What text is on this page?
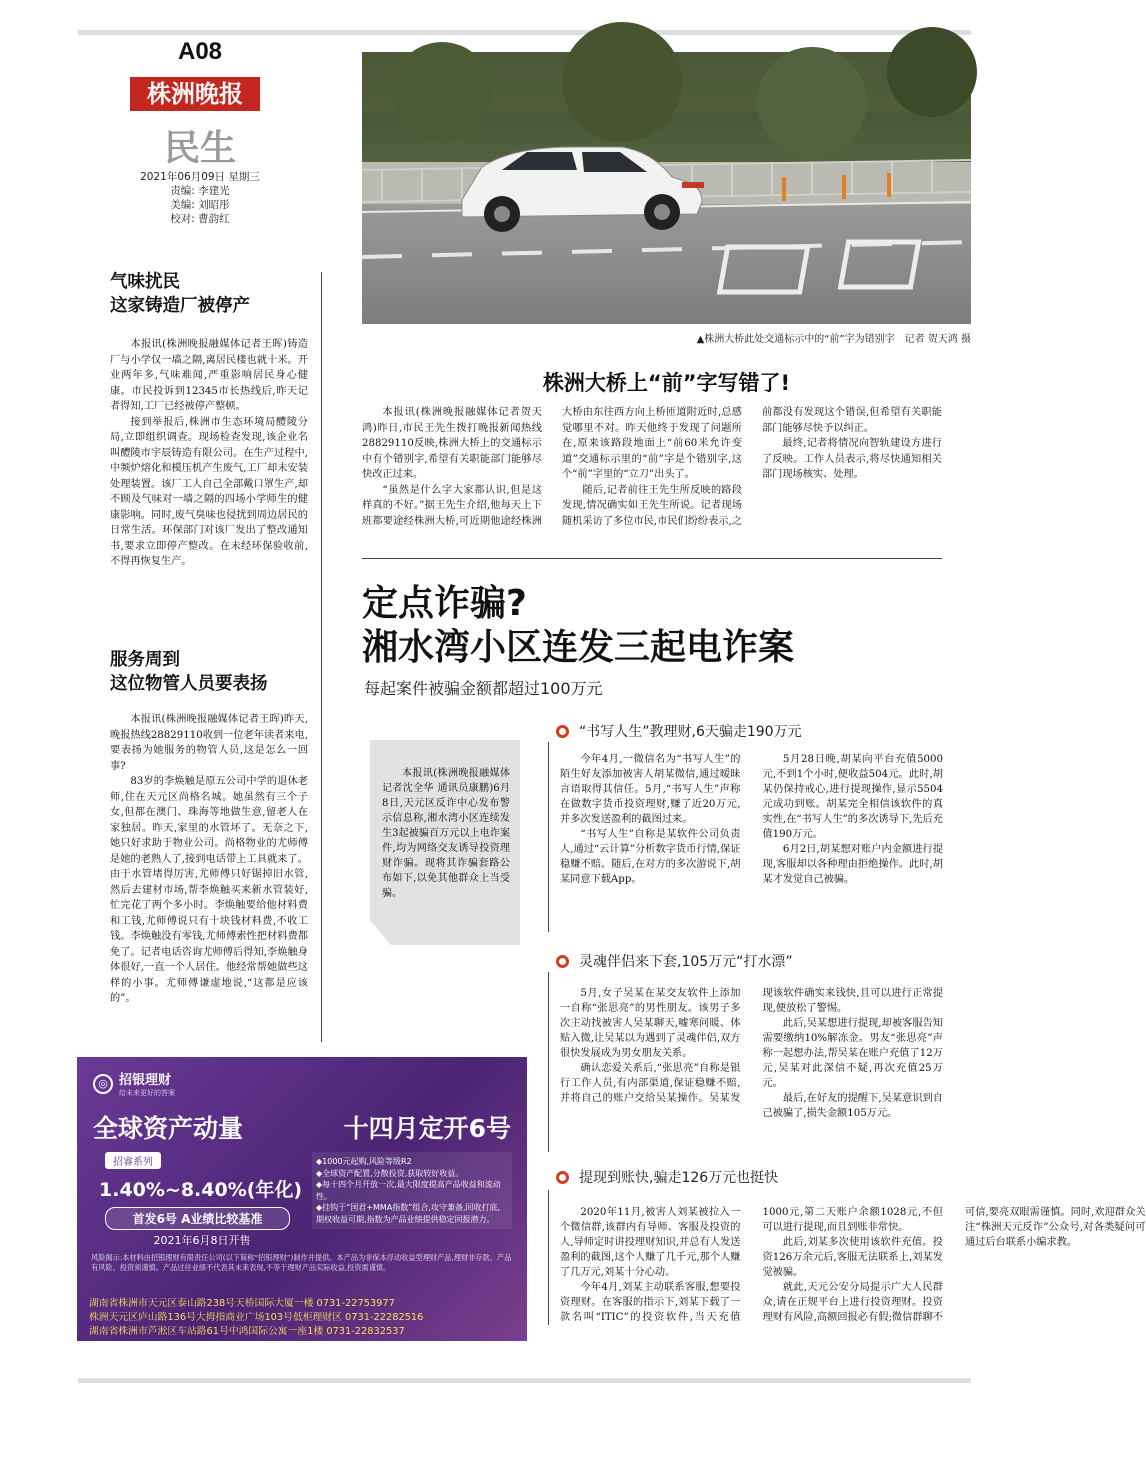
A08
株洲晚报
民生
2021年06月09日 星期三
责编: 李建光
美编: 刘昭彤
校对: 曹韵红
▲株洲大桥此处交通标示中的“前”字为错别字　记者 贺天鸿 摄
气味扰民
这家铸造厂被停产

本报讯(株洲晚报融媒体记者王晖)铸造厂与小学仅一墙之隔,离居民楼也就十米。开业两年多,气味难闻,严重影响居民身心健康。市民投诉到12345市长热线后,昨天记者得知,工厂已经被停产整顿。

接到举报后,株洲市生态环境局醴陵分局,立即组织调查。现场检查发现,该企业名叫醴陵市宇辰铸造有限公司。在生产过程中,中频炉熔化和模压机产生废气,工厂却未安装处理装置。该厂工人自己全部戴口罩生产,却不顾及气味对一墙之隔的四场小学师生的健康影响。同时,废气臭味也侵扰到周边居民的日常生活。环保部门对该厂发出了整改通知书,要求立即停产整改。在未经环保验收前,不得再恢复生产。

服务周到
这位物管人员要表扬

本报讯(株洲晚报融媒体记者王晖)昨天,晚报热线28829110收到一位老年读者来电,要表扬为她服务的物管人员,这是怎么一回事?

83岁的李焕触是原五公司中学的退休老师,住在天元区尚格名城。她虽然有三个子女,但都在澳门、珠海等地做生意,留老人在家独居。昨天,家里的水管坏了。无奈之下,她只好求助于物业公司。尚格物业的尤师傅是她的老熟人了,接到电话带上工具就来了。由于水管堵得厉害,尤师傅只好锯掉旧水管,然后去建材市场,帮李焕触买来新水管装好,忙完花了两个多小时。李焕触要给他材料费和工钱,尤师傅说只有十块钱材料费,不收工钱。李焕触没有零钱,尤师傅索性把材料费都免了。记者电话咨询尤师傅后得知,李焕触身体很好,一直一个人居住。他经常帮她做些这样的小事。尤师傅谦虚地说,“这都是应该的”。

株洲大桥上“前”字写错了!

本报讯(株洲晚报融媒体记者贺天鸿)昨日,市民王先生拨打晚报新闻热线28829110反映,株洲大桥上的交通标示中有个错别字,希望有关职能部门能够尽快改正过来。

“虽然是什么字大家都认识,但是这样真的不好。”据王先生介绍,他每天上下班都要途经株洲大桥,可近期他途经株洲大桥由东往西方向上桥匝道附近时,总感觉哪里不对。昨天他终于发现了问题所在,原来该路段地面上“前60米允许变道”交通标示里的“前”字是个错别字,这个“前”字里的“立刀”出头了。

随后,记者前往王先生所反映的路段发现,情况确实如王先生所说。记者现场随机采访了多位市民,市民们纷纷表示,之前都没有发现这个错误,但希望有关职能部门能够尽快予以纠正。

最终,记者将情况向智轨建设方进行了反映。工作人员表示,将尽快通知相关部门现场核实、处理。

定点诈骗?
湘水湾小区连发三起电诈案
每起案件被骗金额都超过100万元

本报讯(株洲晚报融媒体记者沈全华 通讯员康鹏)6月8日,天元区反诈中心发布警示信息称,湘水湾小区连续发生3起被骗百万元以上电诈案件,均为网络交友诱导投资理财诈骗。现将其诈骗套路公布如下,以免其他群众上当受骗。

“书写人生”教理财,6天骗走190万元

今年4月,一微信名为“书写人生”的陌生好友添加被害人胡某微信,通过暧昧言语取得其信任。5月,“书写人生”声称在做数字货币投资理财,赚了近20万元,并多次发送盈利的截图过来。

“书写人生”自称是某软件公司负责人,通过“云计算”分析数字货币行情,保证稳赚不赔。随后,在对方的多次游说下,胡某同意下载App。

5月28日晚,胡某向平台充值5000元,不到1个小时,便收益504元。此时,胡某仍保持戒心,进行提现操作,显示5504元成功到账。胡某完全相信该软件的真实性,在“书写人生”的多次诱导下,先后充值190万元。

6月2日,胡某想对账户内金额进行提现,客服却以各种理由拒绝操作。此时,胡某才发觉自己被骗。

灵魂伴侣来下套,105万元“打水漂”

5月,女子吴某在某交友软件上添加一自称“张思亮”的男性朋友。该男子多次主动找被害人吴某聊天,嘘寒问暖、体贴入微,让吴某以为遇到了灵魂伴侣,双方很快发展成为男女朋友关系。

确认恋爱关系后,“张思亮”自称是银行工作人员,有内部渠道,保证稳赚不赔,并将自己的账户交给吴某操作。吴某发现该软件确实来钱快,且可以进行正常提现,便放松了警惕。

此后,吴某想进行提现,却被客服告知需要缴纳10%解冻金。男友“张思亮”声称一起想办法,帮吴某在账户充值了12万元,吴某对此深信不疑,再次充值25万元。

最后,在好友的提醒下,吴某意识到自己被骗了,损失金额105万元。

提现到账快,骗走126万元也挺快

2020年11月,被害人刘某被拉入一个微信群,该群内有导师、客服及投资的人,导师定时讲投理财知识,并总有人发送盈利的截图,这个人赚了几千元,那个人赚了几万元,刘某十分心动。

今年4月,刘某主动联系客服,想要投资理财。在客服的指示下,刘某下载了一款名叫“ITIC”的投资软件,当天充值1000元,第二天账户余额1028元,不但可以进行提现,而且到账非常快。

此后,刘某多次使用该软件充值。投资126万余元后,客服无法联系上,刘某发觉被骗。

就此,天元公安分局提示广大人民群众,请在正规平台上进行投资理财。投资理财有风险,高额回报必有假;微信群聊不可信,要亮双眼需谨慎。同时,欢迎群众关注“株洲天元反诈”公众号,对各类疑问可通过后台联系小编求教。

◎ 招银理财
给未来更好的答案
全球资产动量	十四月定开6号
招睿系列
1.40%~8.40%(年化)
首发6号 A业绩比较基准
2021年6月8日开售
◆1000元起购,风险等级R2
◆全球资产配置,分散投资,获取较好收益。
◆每十四个月开放一次,最大限度提高产品收益和流动性。
◆挂钩于“国君+MMA指数”组合,攻守兼备,回收打底,期权收益可期,指数为产品业绩提供稳定回报潜力。
风险揭示:本材料由招银理财有限责任公司(以下简称“招银理财”)制作并提供。本产品为非保本浮动收益型理财产品,理财非存款、产品有风险、投资须谨慎。产品过往业绩不代表其未来表现,不等于理财产品实际收益,投资需谨慎。
湖南省株洲市天元区泰山路238号天桥国际大厦一楼 0731-22753977
株洲天元区庐山路136号大拇指商业广场103号低柜理财区 0731-22282516
湖南省株洲市芦淞区车站路61号中鸿国际公寓一座1楼 0731-22832537
